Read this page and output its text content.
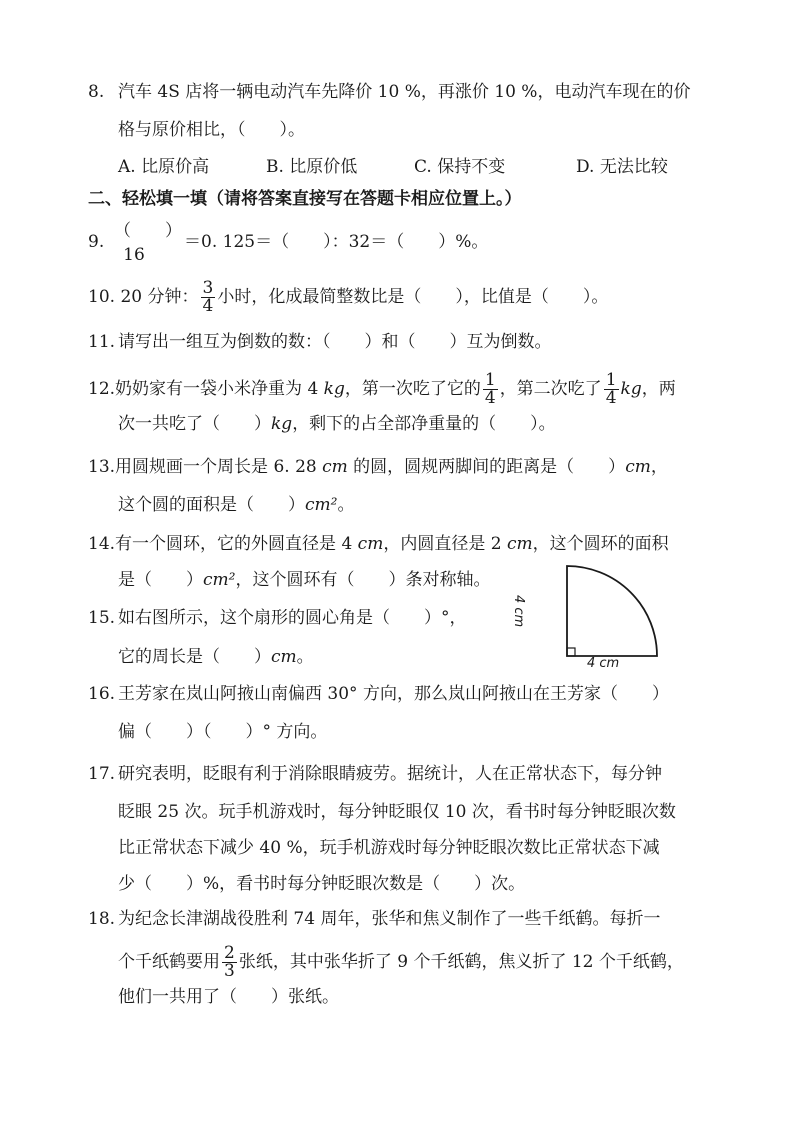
8. 汽车 4S 店将一辆电动汽车先降价 10 %，再涨价 10 %，电动汽车现在的价
格与原价相比，（　　）。
A. 比原价高	B. 比原价低	C. 保持不变	D. 无法比较
二、轻松填一填（请将答案直接写在答题卡相应位置上。）
9.
（　　）
16
＝0. 125＝（　　）：32＝（　　）%。
10. 20 分钟： $\frac{3}{4}$ 小时，化成最简整数比是（　　），比值是（　　）。
11. 请写出一组互为倒数的数：（　　）和（　　）互为倒数。
12.奶奶家有一袋小米净重为 4 kg，第一次吃了它的 $\frac{1}{4}$ ，第二次吃了 $\frac{1}{4}$ kg，两
次一共吃了（　　）kg，剩下的占全部净重量的（　　）。
13.用圆规画一个周长是 6. 28 cm 的圆，圆规两脚间的距离是（　　）cm，
这个圆的面积是（　　）cm²。
14.有一个圆环，它的外圆直径是 4 cm，内圆直径是 2 cm，这个圆环的面积
是（　　）cm²，这个圆环有（　　）条对称轴。
15. 如右图所示，这个扇形的圆心角是（　　）°，
它的周长是（　　）cm。
4 cm
4 cm
16. 王芳家在岚山阿掖山南偏西 30° 方向，那么岚山阿掖山在王芳家（　　）
偏（　　）（　　）° 方向。
17. 研究表明，眨眼有利于消除眼睛疲劳。据统计，人在正常状态下，每分钟
眨眼 25 次。玩手机游戏时，每分钟眨眼仅 10 次，看书时每分钟眨眼次数
比正常状态下减少 40 %，玩手机游戏时每分钟眨眼次数比正常状态下减
少（　　）%，看书时每分钟眨眼次数是（　　）次。
18. 为纪念长津湖战役胜利 74 周年，张华和焦义制作了一些千纸鹤。每折一
个千纸鹤要用 $\frac{2}{3}$ 张纸，其中张华折了 9 个千纸鹤，焦义折了 12 个千纸鹤，
他们一共用了（　　）张纸。
